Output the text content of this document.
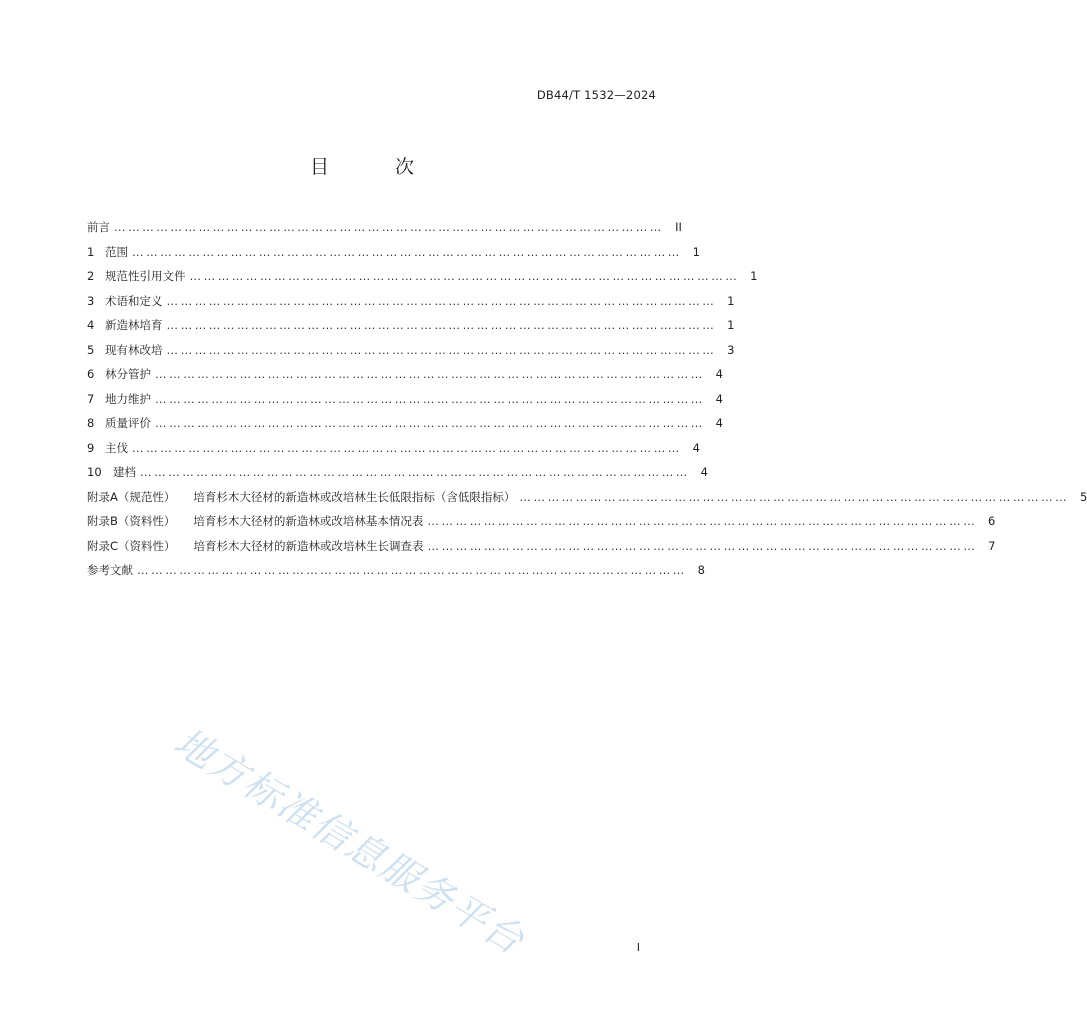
DB44/T 1532—2024
目 次
前言 ……………………………………………………………………………………………………… II
1 范围 ……………………………………………………………………………………………………… 1
2 规范性引用文件 ……………………………………………………………………………………………………… 1
3 术语和定义 ……………………………………………………………………………………………………… 1
4 新造林培育 ……………………………………………………………………………………………………… 1
5 现有林改培 ……………………………………………………………………………………………………… 3
6 林分管护 ……………………………………………………………………………………………………… 4
7 地力维护 ……………………………………………………………………………………………………… 4
8 质量评价 ……………………………………………………………………………………………………… 4
9 主伐 ……………………………………………………………………………………………………… 4
10 建档 ……………………………………………………………………………………………………… 4
附录A（规范性） 培育杉木大径材的新造林或改培林生长低限指标（含低限指标） ……………………………………………………………………………………………………… 5
附录B（资料性） 培育杉木大径材的新造林或改培林基本情况表 ……………………………………………………………………………………………………… 6
附录C（资料性） 培育杉木大径材的新造林或改培林生长调查表 ……………………………………………………………………………………………………… 7
参考文献 ……………………………………………………………………………………………………… 8
地方标准信息服务平台	I
